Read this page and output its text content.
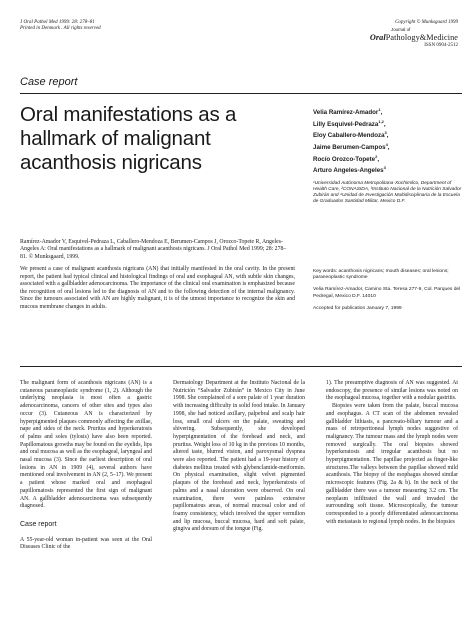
J Oral Pathol Med 1999: 28: 278–81
Printed in Denmark . All rights reserved
Copyright © Munksgaard 1999
Journal of
OralPathology&Medicine
ISSN 0904-2512
Case report
Oral manifestations as a hallmark of malignant acanthosis nigricans
Velia Ramírez-Amador$^1$,
Lilly Esquivel-Pedraza$^{1,2}$,
Eloy Caballero-Mendoza$^3$,
Jaime Berumen-Campos$^4$,
Rocío Orozco-Topete$^2$,
Arturo Angeles-Angeles$^3$
¹Universidad Autónoma Metropolitana-Xochimilco, Department of Health Care, ²CONASIDA, ³Instituto Nacional de la Nutrición Salvador Zubirán and ⁴Unidad de Investigación Multidisciplinaria de la Escuela de Graduados Santidad Militar, Mexico D.F.
Ramírez-Amador V, Esquivel-Pedraza L, Caballero-Mendoza E, Berumen-Campos J, Orozco-Topete R, Angeles-Angeles A: Oral manifestations as a hallmark of malignant acanthosis nigricans. J Oral Pathol Med 1999; 28: 278–81. © Munksgaard, 1999.
We present a case of malignant acanthosis nigricans (AN) that initially manifested in the oral cavity. In the present report, the patient had typical clinical and histological findings of oral and esophageal AN, with subtle skin changes, associated with a gallbladder adenocarcinoma. The importance of the clinical oral examination is emphasized because the recognition of oral lesions led to the diagnosis of AN and to the following detection of the internal malignancy. Since the tumours associated with AN are highly malignant, it is of the utmost importance to recognize the skin and mucous membrane changes in adults.

Key words: acanthosis nigricans; mouth diseases; oral lesions; paraneoplastic syndrome

Velia Ramírez-Amador, Camino Sta. Teresa 277-9, Col. Parques del Pedregal, Mexico D.F. 14010

Accepted for publication January 7, 1999

The malignant form of acanthosis nigricans (AN) is a cutaneous paraneoplastic syndrome (1, 2). Although the underlying neoplasia is most often a gastric adenocarcinoma, cancers of other sites and types also occur (3). Cutaneous AN is characterized by hyperpigmented plaques commonly affecting the axillae, nape and sides of the neck. Pruritus and hyperkeratosis of palms and soles (tylosis) have also been reported. Papillomatous growths may be found on the eyelids, lips and oral mucosa as well as the esophageal, laryngeal and nasal mucosa (3). Since the earliest description of oral lesions in AN in 1909 (4), several authors have mentioned oral involvement in AN (2, 5–17). We present a patient whose marked oral and esophageal papillomatosis represented the first sign of malignant AN. A gallbladder adenocarcinoma was subsequently diagnosed.

Case report

A 55-year-old woman in-patient was seen at the Oral Diseases Clinic of the

Dermatology Department at the Instituto Nacional de la Nutrición “Salvador Zubirán” in Mexico City in June 1998. She complained of a sore palate of 1 year duration with increasing difficulty in solid food intake. In January 1998, she had noticed axillary, palpebral and scalp hair loss, small oral ulcers on the palate, sweating and shivering. Subsequently, she developed hyperpigmentation of the forehead and neck, and pruritus. Weight loss of 10 kg in the previous 10 months, altered taste, blurred vision, and paroxysmal dyspnea were also reported. The patient had a 19-year history of diabetes mellitus treated with glybenclamide-metformin. On physical examination, slight velvet pigmented plaques of the forehead and neck, hyperkeratosis of palms and a nasal ulceration were observed. On oral examination, there were painless extensive papillomatous areas, of normal mucosal color and of foamy consistency, which involved the upper vermilion and lip mucosa, buccal mucosa, hard and soft palate, gingiva and dorsum of the tongue (Fig.

1). The presumptive diagnosis of AN was suggested. At endoscopy, the presence of similar lesions was noted on the esophageal mucosa, together with a nodular gastritis.

Biopsies were taken from the palate, buccal mucosa and esophagus. A CT scan of the abdomen revealed gallbladder lithiasis, a pancreato-biliary tumour and a mass of retroperitoneal lymph nodes suggestive of malignancy. The tumour mass and the lymph nodes were removed surgically. The oral biopsies showed hyperkeratosis and irregular acanthosis but no hyperpigmentation. The papillae projected as finger-like structures.The valleys between the papillae showed mild acanthosis. The biopsy of the esophagus showed similar microscopic features (Fig. 2a & b). In the neck of the gallbladder there was a tumour measuring 3.2 cm. The neoplasm infiltrated the wall and invaded the surrounding soft tissue. Microscopically, the tumour corresponded to a poorly differentiated adenocarcinoma with metastasis to regional lymph nodes. In the biopsies
